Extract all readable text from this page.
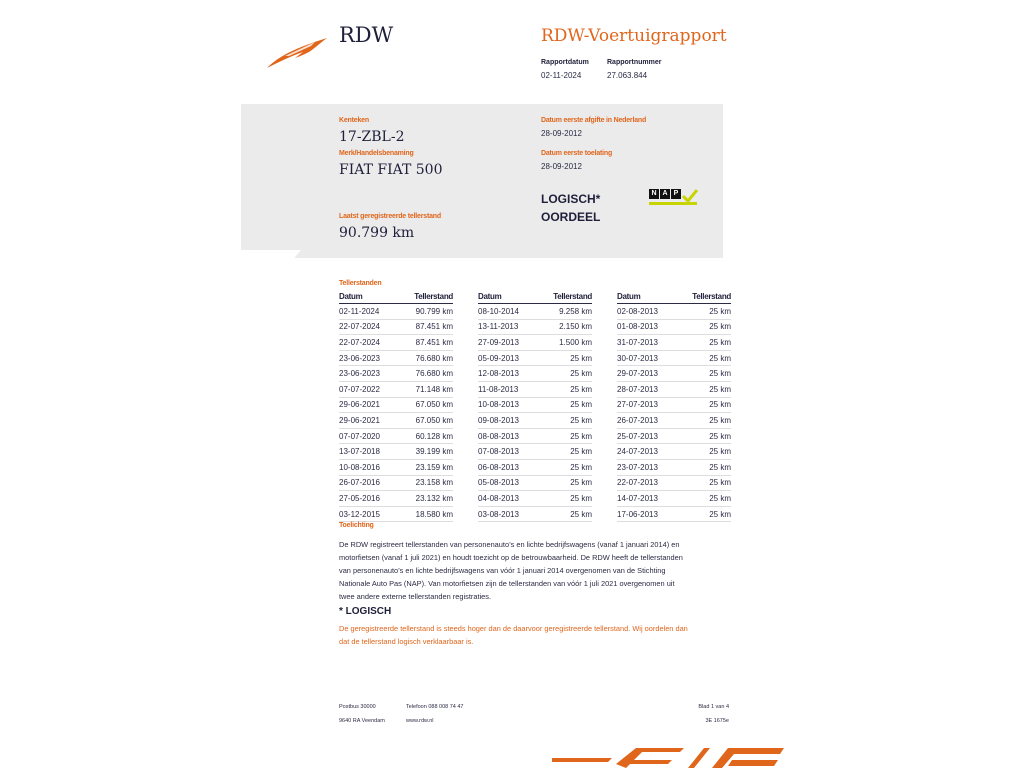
RDW	RDW-Voertuigrapport
Rapportdatum
02-11-2024
Rapportnummer
27.063.844
Kenteken
17-ZBL-2
Merk/Handelsbenaming
FIAT FIAT 500
Datum eerste afgifte in Nederland
28-09-2012
Datum eerste toelating
28-09-2012
LOGISCH*
OORDEEL
N A P
Laatst geregistreerde tellerstand
90.799 km
Tellerstanden
Datum	Tellerstand
02-11-2024	90.799 km
22-07-2024	87.451 km
22-07-2024	87.451 km
23-06-2023	76.680 km
23-06-2023	76.680 km
07-07-2022	71.148 km
29-06-2021	67.050 km
29-06-2021	67.050 km
07-07-2020	60.128 km
13-07-2018	39.199 km
10-08-2016	23.159 km
26-07-2016	23.158 km
27-05-2016	23.132 km
03-12-2015	18.580 km
Datum	Tellerstand
08-10-2014	9.258 km
13-11-2013	2.150 km
27-09-2013	1.500 km
05-09-2013	25 km
12-08-2013	25 km
11-08-2013	25 km
10-08-2013	25 km
09-08-2013	25 km
08-08-2013	25 km
07-08-2013	25 km
06-08-2013	25 km
05-08-2013	25 km
04-08-2013	25 km
03-08-2013	25 km
Datum	Tellerstand
02-08-2013	25 km
01-08-2013	25 km
31-07-2013	25 km
30-07-2013	25 km
29-07-2013	25 km
28-07-2013	25 km
27-07-2013	25 km
26-07-2013	25 km
25-07-2013	25 km
24-07-2013	25 km
23-07-2013	25 km
22-07-2013	25 km
14-07-2013	25 km
17-06-2013	25 km
Toelichting
De RDW registreert tellerstanden van personenauto’s en lichte bedrijfswagens (vanaf 1 januari 2014) en
motorfietsen (vanaf 1 juli 2021) en houdt toezicht op de betrouwbaarheid. De RDW heeft de tellerstanden
van personenauto’s en lichte bedrijfswagens van vóór 1 januari 2014 overgenomen van de Stichting
Nationale Auto Pas (NAP). Van motorfietsen zijn de tellerstanden van vóór 1 juli 2021 overgenomen uit
twee andere externe tellerstanden registraties.
* LOGISCH
De geregistreerde tellerstand is steeds hoger dan de daarvoor geregistreerde tellerstand. Wij oordelen dan
dat de tellerstand logisch verklaarbaar is.
Postbus 30000
9640 RA Veendam
Telefoon 088 008 74 47
www.rdw.nl
Blad 1 van 4
3E 1675e
